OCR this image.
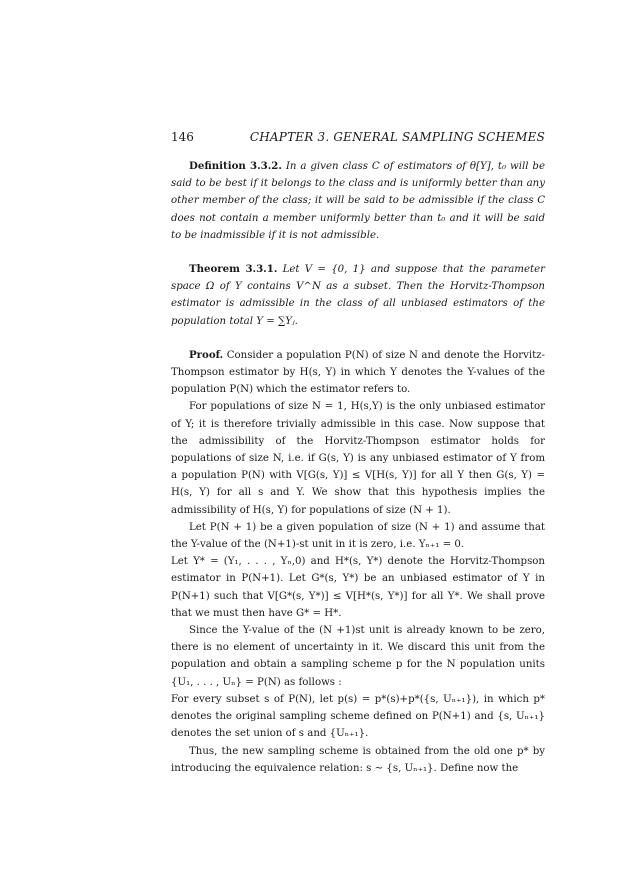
146	CHAPTER 3. GENERAL SAMPLING SCHEMES

Definition 3.3.2. In a given class C of estimators of θ[Y], t₀ will be said to be best if it belongs to the class and is uniformly better than any other member of the class; it will be said to be admissible if the class C does not contain a member uniformly better than t₀ and it will be said to be inadmissible if it is not admissible.

Theorem 3.3.1. Let V = {0, 1} and suppose that the parameter space Ω of Y contains V^N as a subset. Then the Horvitz-Thompson estimator is admissible in the class of all unbiased estimators of the population total Y = ∑Yⱼ.

Proof. Consider a population P(N) of size N and denote the Horvitz-Thompson estimator by H(s, Y) in which Y denotes the Y-values of the population P(N) which the estimator refers to.

For populations of size N = 1, H(s,Y) is the only unbiased estimator of Y; it is therefore trivially admissible in this case. Now suppose that the admissibility of the Horvitz-Thompson estimator holds for populations of size N, i.e. if G(s, Y) is any unbiased estimator of Y from a population P(N) with V[G(s, Y)] ≤ V[H(s, Y)] for all Y then G(s, Y) = H(s, Y) for all s and Y. We show that this hypothesis implies the admissibility of H(s, Y) for populations of size (N + 1).

Let P(N + 1) be a given population of size (N + 1) and assume that the Y-value of the (N+1)-st unit in it is zero, i.e. Yₙ₊₁ = 0.

Let Y* = (Y₁, . . . , Yₙ,0) and H*(s, Y*) denote the Horvitz-Thompson estimator in P(N+1). Let G*(s, Y*) be an unbiased estimator of Y in P(N+1) such that V[G*(s, Y*)] ≤ V[H*(s, Y*)] for all Y*. We shall prove that we must then have G* = H*.

Since the Y-value of the (N +1)st unit is already known to be zero, there is no element of uncertainty in it. We discard this unit from the population and obtain a sampling scheme p for the N population units {U₁, . . . , Uₙ} = P(N) as follows :

For every subset s of P(N), let p(s) = p*(s)+p*({s, Uₙ₊₁}), in which p* denotes the original sampling scheme defined on P(N+1) and {s, Uₙ₊₁} denotes the set union of s and {Uₙ₊₁}.

Thus, the new sampling scheme is obtained from the old one p* by introducing the equivalence relation: s ∼ {s, Uₙ₊₁}. Define now the
